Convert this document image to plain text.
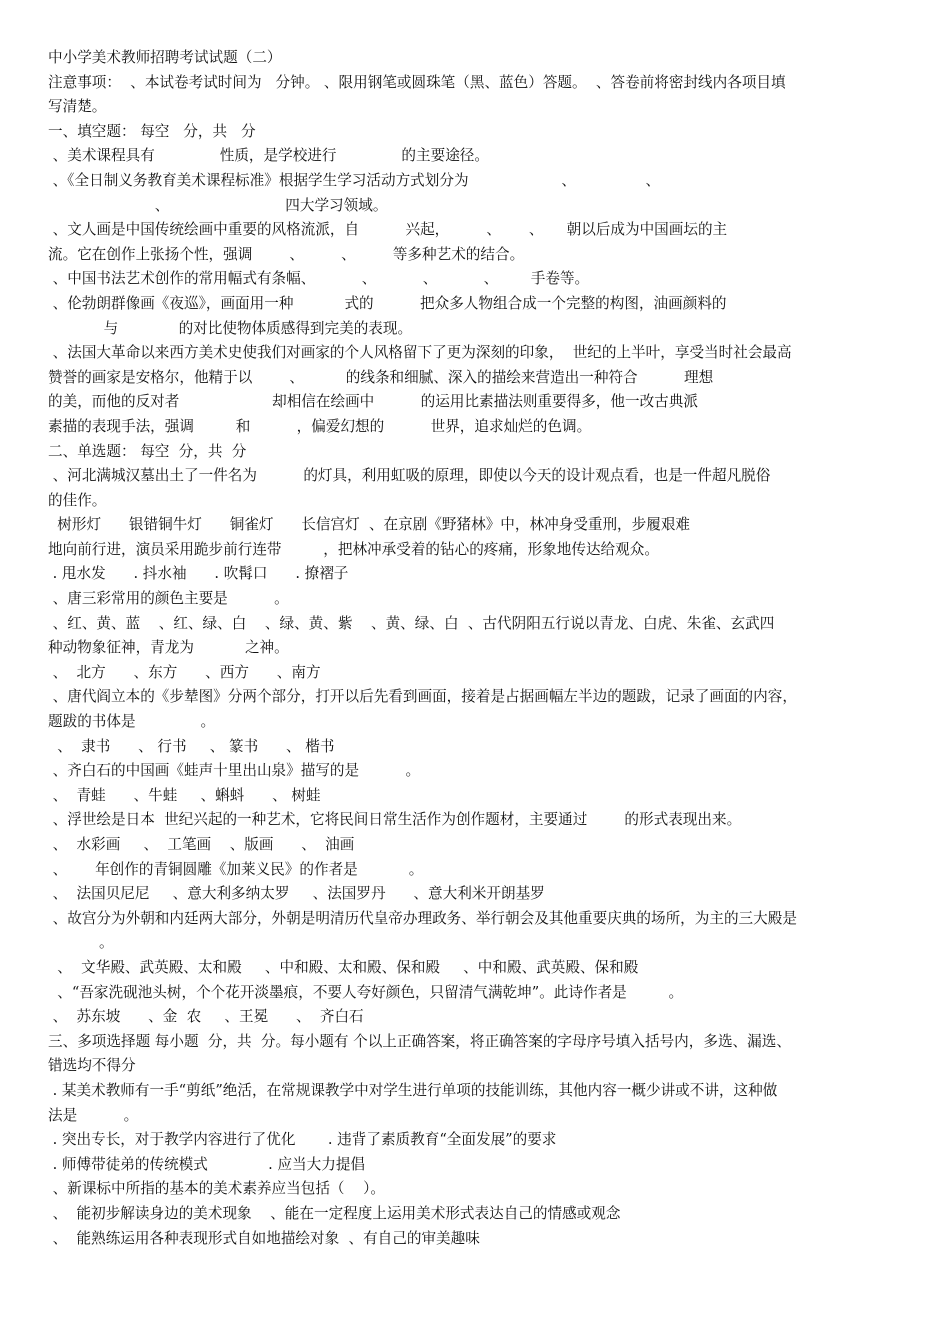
中小学美术教师招聘考试试题（二）
注意事项：  、本试卷考试时间为   分钟。 、限用钢笔或圆珠笔（黑、蓝色）答题。  、答卷前将密封线内各项目填
写清楚。
一、填空题： 每空   分，共   分
、美术课程具有              性质，是学校进行              的主要途径。
、《全日制义务教育美术课程标准》根据学生学习活动方式划分为                    、               、
、                         四大学习领域。
、文人画是中国传统绘画中重要的风格流派，自          兴起，        、      、     朝以后成为中国画坛的主
流。它在创作上张扬个性，强调        、        、        等多种艺术的结合。
、中国书法艺术创作的常用幅式有条幅、          、          、          、       手卷等。
、伦勃朗群像画《夜巡》，画面用一种           式的          把众多人物组合成一个完整的构图，油画颜料的
与             的对比使物体质感得到完美的表现。
、法国大革命以来西方美术史使我们对画家的个人风格留下了更为深刻的印象，  世纪的上半叶，享受当时社会最高
赞誉的画家是安格尔，他精于以        、         的线条和细腻、深入的描绘来营造出一种符合          理想
的美，而他的反对者                    却相信在绘画中          的运用比素描法则重要得多，他一改古典派
素描的表现手法，强调         和          ，偏爱幻想的          世界，追求灿烂的色调。
二、单选题： 每空  分，共  分
、河北满城汉墓出土了一件名为          的灯具，利用虹吸的原理，即使以今天的设计观点看，也是一件超凡脱俗
的佳作。
树形灯      银错铜牛灯      铜雀灯      长信宫灯  、在京剧《野猪林》中，林冲身受重刑，步履艰难
地向前行进，演员采用跪步前行连带         ，把林冲承受着的钻心的疼痛，形象地传达给观众。
. 甩水发      . 抖水袖      . 吹髯口      . 撩褶子
、唐三彩常用的颜色主要是          。
、红、黄、蓝    、红、绿、白    、绿、黄、紫    、黄、绿、白  、古代阴阳五行说以青龙、白虎、朱雀、玄武四
种动物象征神，青龙为           之神。
、  北方      、东方      、西方      、南方
、唐代阎立本的《步辇图》分两个部分，打开以后先看到画面，接着是占据画幅左半边的题跋，记录了画面的内容，
题跋的书体是              。
、  隶书      、 行书     、 篆书      、 楷书
、齐白石的中国画《蛙声十里出山泉》描写的是          。
、  青蛙      、牛蛙     、蝌蚪      、 树蛙
、浮世绘是日本  世纪兴起的一种艺术，它将民间日常生活作为创作题材，主要通过        的形式表现出来。
、  水彩画     、  工笔画    、版画      、  油画
、      年创作的青铜圆雕《加莱义民》的作者是           。
、  法国贝尼尼     、意大利多纳太罗     、法国罗丹      、意大利米开朗基罗
、故宫分为外朝和内廷两大部分，外朝是明清历代皇帝办理政务、举行朝会及其他重要庆典的场所，为主的三大殿是
。
、  文华殿、武英殿、太和殿     、中和殿、太和殿、保和殿     、中和殿、武英殿、保和殿
、“吾家洗砚池头树，个个花开淡墨痕，不要人夸好颜色，只留清气满乾坤”。此诗作者是         。
、  苏东坡      、金  农     、王冕      、  齐白石
三、多项选择题 每小题  分，共  分。每小题有 个以上正确答案，将正确答案的字母序号填入括号内，多选、漏选、
错选均不得分
. 某美术教师有一手“剪纸”绝活，在常规课教学中对学生进行单项的技能训练，其他内容一概少讲或不讲，这种做
法是          。
. 突出专长，对于教学内容进行了优化       . 违背了素质教育“全面发展”的要求
. 师傅带徒弟的传统模式             . 应当大力提倡
、新课标中所指的基本的美术素养应当包括（    ）。
、  能初步解读身边的美术现象    、能在一定程度上运用美术形式表达自己的情感或观念
、  能熟练运用各种表现形式自如地描绘对象  、有自己的审美趣味
